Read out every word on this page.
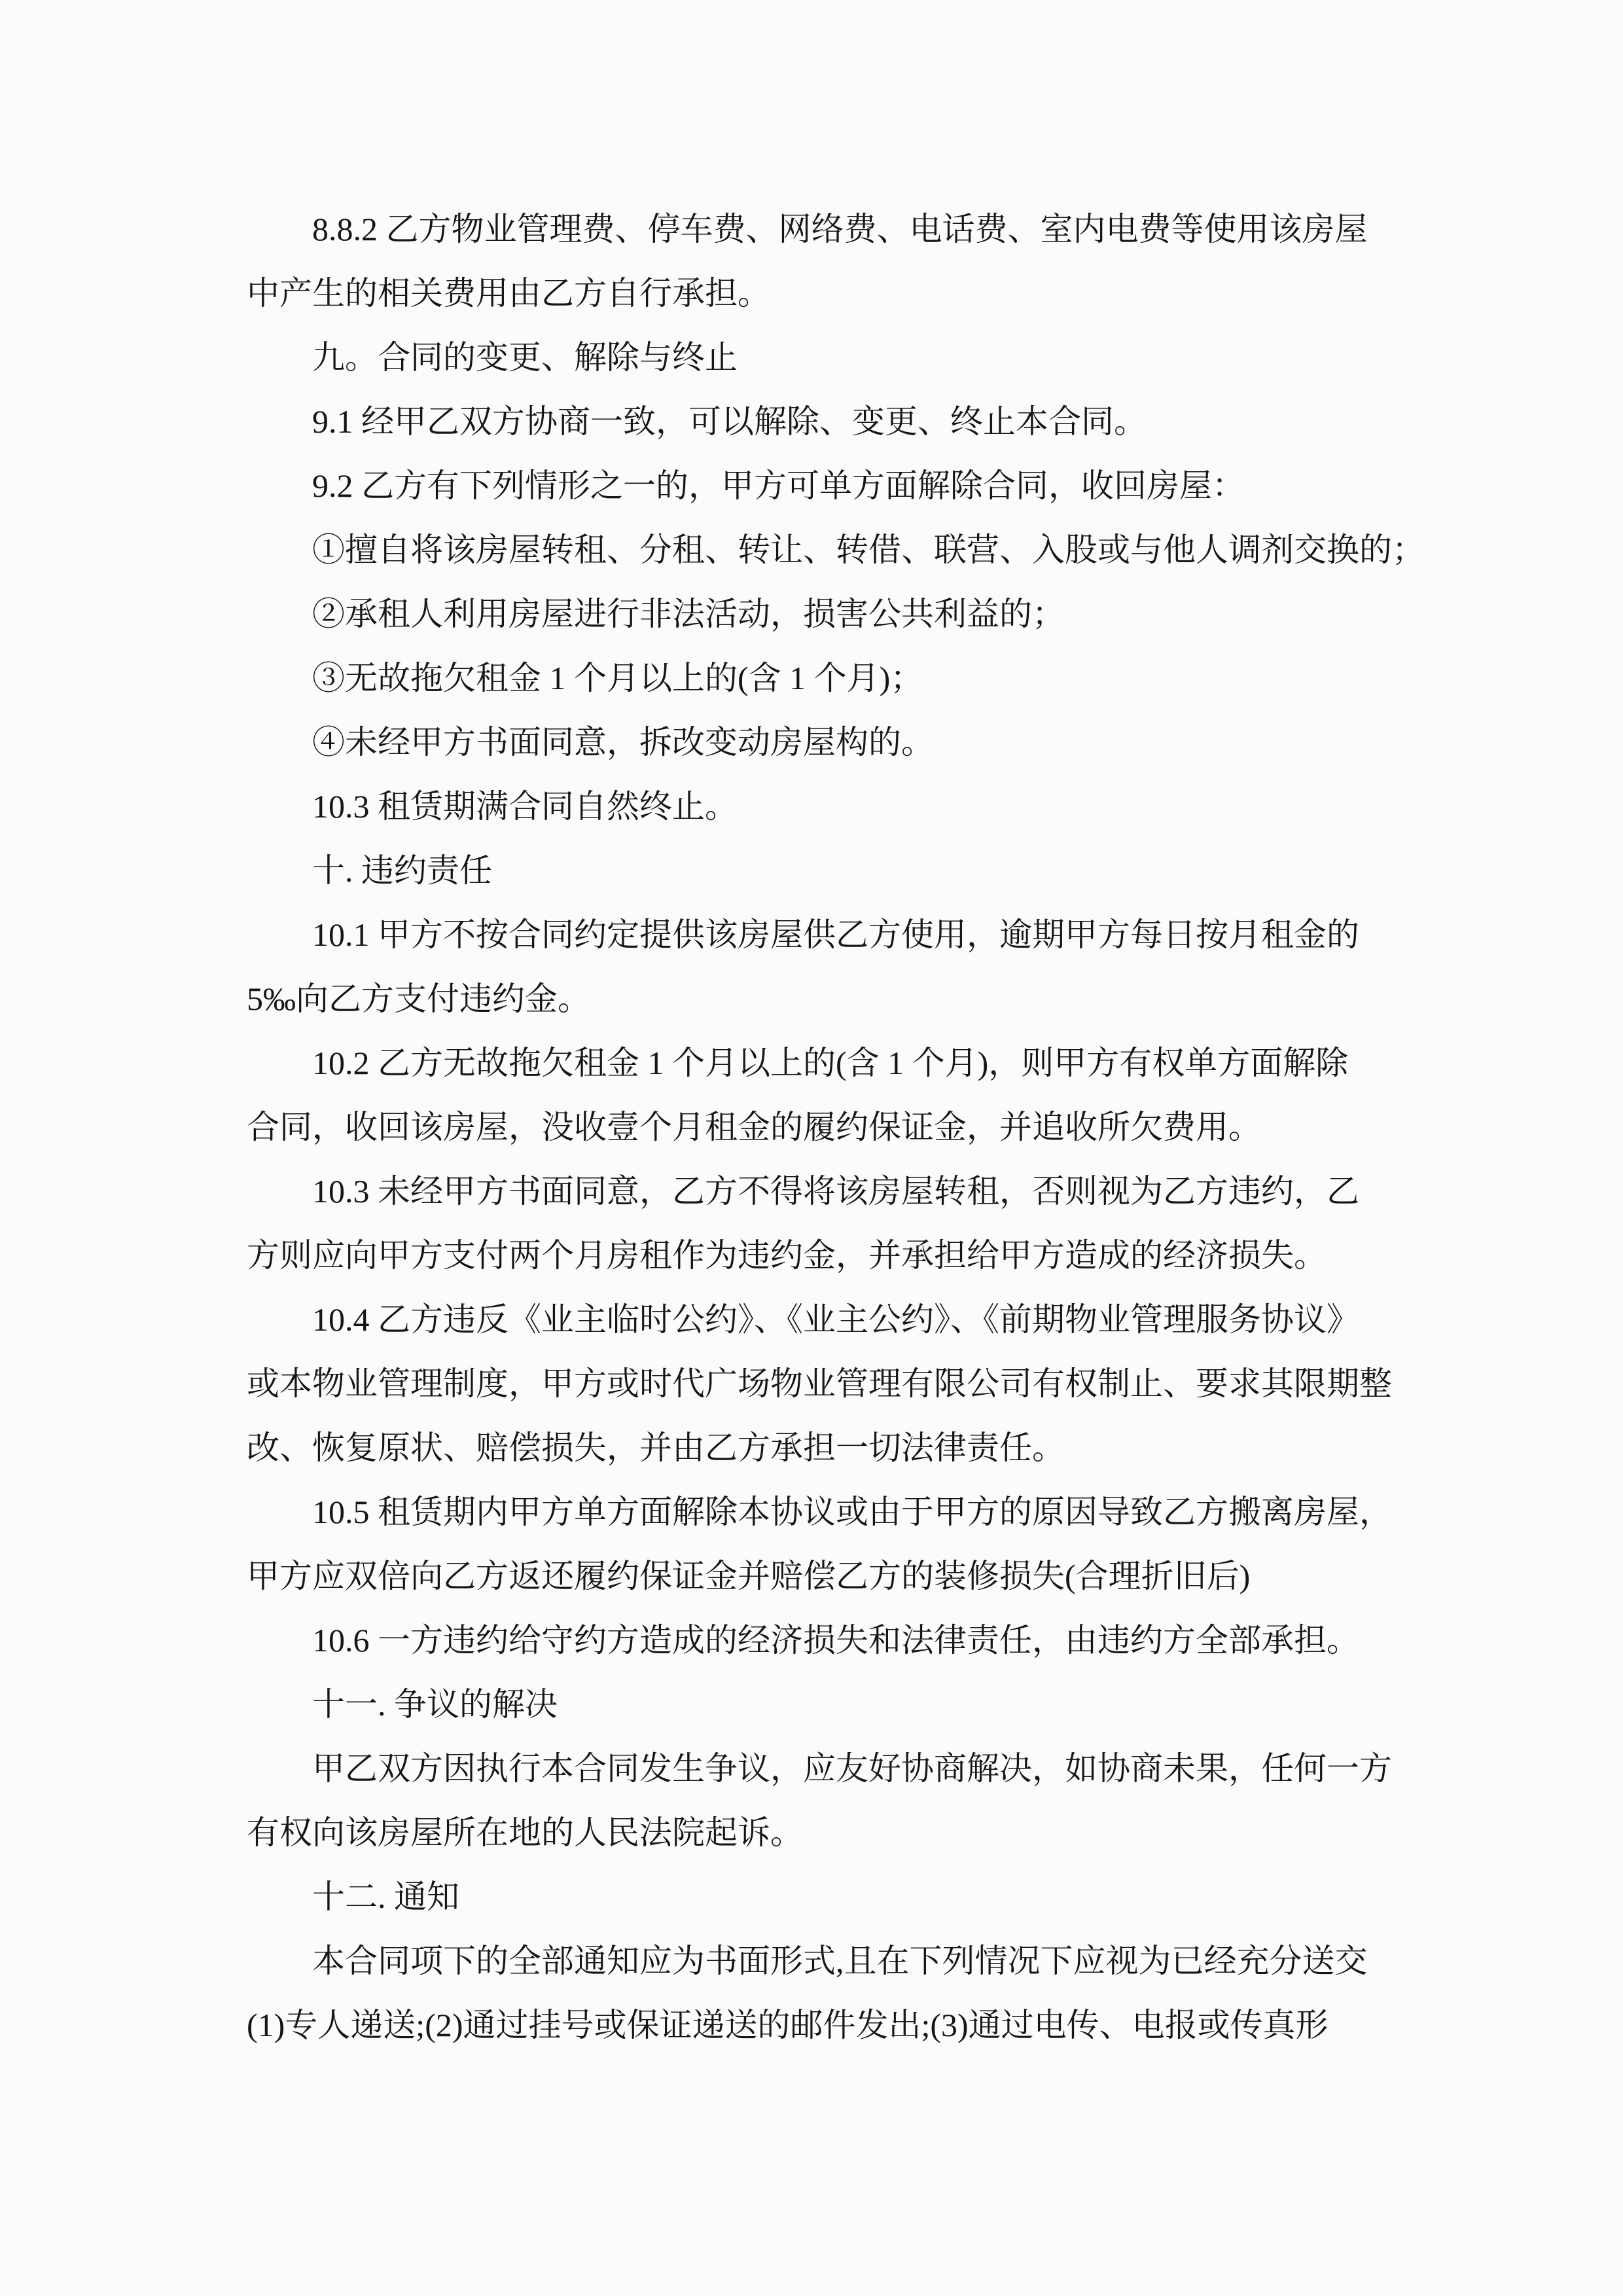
8.8.2 乙方物业管理费、停车费、网络费、电话费、室内电费等使用该房屋
中产生的相关费用由乙方自行承担。
九。合同的变更、解除与终止
9.1 经甲乙双方协商一致，可以解除、变更、终止本合同。
9.2 乙方有下列情形之一的，甲方可单方面解除合同，收回房屋：
①擅自将该房屋转租、分租、转让、转借、联营、入股或与他人调剂交换的；
②承租人利用房屋进行非法活动，损害公共利益的；
③无故拖欠租金 1 个月以上的(含 1 个月)；
④未经甲方书面同意，拆改变动房屋构的。
10.3 租赁期满合同自然终止。
十. 违约责任
10.1 甲方不按合同约定提供该房屋供乙方使用，逾期甲方每日按月租金的
5‰向乙方支付违约金。
10.2 乙方无故拖欠租金 1 个月以上的(含 1 个月)，则甲方有权单方面解除
合同，收回该房屋，没收壹个月租金的履约保证金，并追收所欠费用。
10.3 未经甲方书面同意，乙方不得将该房屋转租，否则视为乙方违约，乙
方则应向甲方支付两个月房租作为违约金，并承担给甲方造成的经济损失。
10.4 乙方违反《业主临时公约》、《业主公约》、《前期物业管理服务协议》
或本物业管理制度，甲方或时代广场物业管理有限公司有权制止、要求其限期整
改、恢复原状、赔偿损失，并由乙方承担一切法律责任。
10.5 租赁期内甲方单方面解除本协议或由于甲方的原因导致乙方搬离房屋，
甲方应双倍向乙方返还履约保证金并赔偿乙方的装修损失(合理折旧后)
10.6 一方违约给守约方造成的经济损失和法律责任，由违约方全部承担。
十一. 争议的解决
甲乙双方因执行本合同发生争议，应友好协商解决，如协商未果，任何一方
有权向该房屋所在地的人民法院起诉。
十二. 通知
本合同项下的全部通知应为书面形式,且在下列情况下应视为已经充分送交
(1)专人递送;(2)通过挂号或保证递送的邮件发出;(3)通过电传、电报或传真形
